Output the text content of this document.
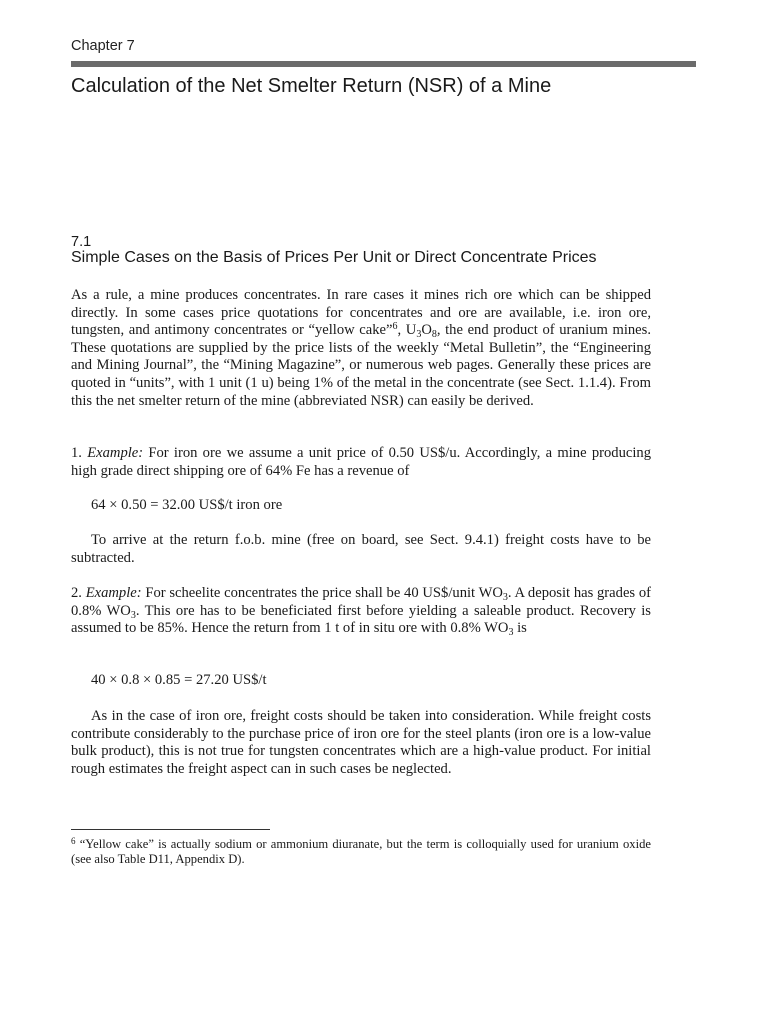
Chapter 7
Calculation of the Net Smelter Return (NSR) of a Mine
7.1
Simple Cases on the Basis of Prices Per Unit or Direct Concentrate Prices

As a rule, a mine produces concentrates. In rare cases it mines rich ore which can be shipped directly. In some cases price quotations for concentrates and ore are available, i.e. iron ore, tungsten, and antimony concentrates or “yellow cake”$^6$, $U_3O_8$, the end product of uranium mines. These quotations are supplied by the price lists of the weekly “Metal Bulletin”, the “Engineering and Mining Journal”, the “Mining Magazine”, or numerous web pages. Generally these prices are quoted in “units”, with 1 unit (1 u) being 1% of the metal in the concentrate (see Sect. 1.1.4). From this the net smelter return of the mine (abbreviated NSR) can easily be derived.

1. Example: For iron ore we assume a unit price of 0.50 US$/u. Accordingly, a mine producing high grade direct shipping ore of 64% Fe has a revenue of

64 × 0.50 = 32.00 US$/t iron ore

To arrive at the return f.o.b. mine (free on board, see Sect. 9.4.1) freight costs have to be subtracted.

2. Example: For scheelite concentrates the price shall be 40 US$/unit $WO_3$. A deposit has grades of 0.8% $WO_3$. This ore has to be beneficiated first before yielding a saleable product. Recovery is assumed to be 85%. Hence the return from 1 t of in situ ore with 0.8% $WO_3$ is

40 × 0.8 × 0.85 = 27.20 US$/t

As in the case of iron ore, freight costs should be taken into consideration. While freight costs contribute considerably to the purchase price of iron ore for the steel plants (iron ore is a low-value bulk product), this is not true for tungsten concentrates which are a high-value product. For initial rough estimates the freight aspect can in such cases be neglected.

$^6$ “Yellow cake” is actually sodium or ammonium diuranate, but the term is colloquially used for uranium oxide (see also Table D11, Appendix D).
